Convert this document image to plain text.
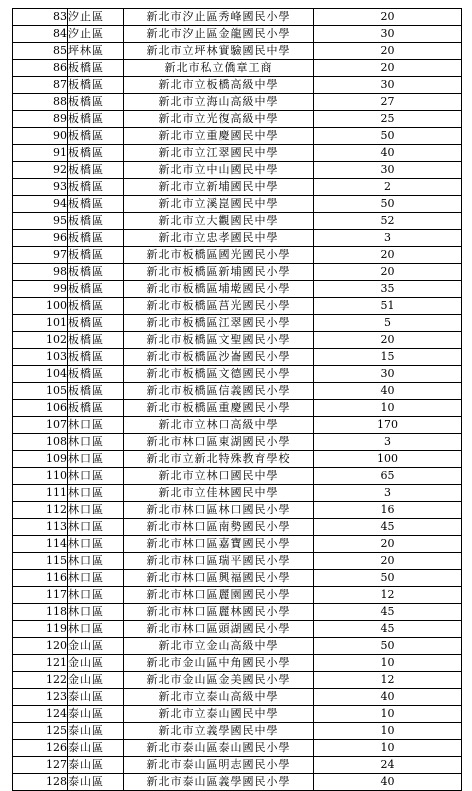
83	汐止區	新北市汐止區秀峰國民小學	20
84	汐止區	新北市汐止區金龍國民小學	30
85	坪林區	新北市立坪林實驗國民中學	20
86	板橋區	新北市私立僑章工商	20
87	板橋區	新北市立板橋高級中學	30
88	板橋區	新北市立海山高級中學	27
89	板橋區	新北市立光復高級中學	25
90	板橋區	新北市立重慶國民中學	50
91	板橋區	新北市立江翠國民中學	40
92	板橋區	新北市立中山國民中學	30
93	板橋區	新北市立新埔國民中學	2
94	板橋區	新北市立溪崑國民中學	50
95	板橋區	新北市立大觀國民中學	52
96	板橋區	新北市立忠孝國民中學	3
97	板橋區	新北市板橋區國光國民小學	20
98	板橋區	新北市板橋區新埔國民小學	20
99	板橋區	新北市板橋區埔墘國民小學	35
100	板橋區	新北市板橋區莒光國民小學	51
101	板橋區	新北市板橋區江翠國民小學	5
102	板橋區	新北市板橋區文聖國民小學	20
103	板橋區	新北市板橋區沙崙國民小學	15
104	板橋區	新北市板橋區文德國民小學	30
105	板橋區	新北市板橋區信義國民小學	40
106	板橋區	新北市板橋區重慶國民小學	10
107	林口區	新北市立林口高級中學	170
108	林口區	新北市林口區東湖國民小學	3
109	林口區	新北市立新北特殊教育學校	100
110	林口區	新北市立林口國民中學	65
111	林口區	新北市立佳林國民中學	3
112	林口區	新北市林口區林口國民小學	16
113	林口區	新北市林口區南勢國民小學	45
114	林口區	新北市林口區嘉寶國民小學	20
115	林口區	新北市林口區瑞平國民小學	20
116	林口區	新北市林口區興福國民小學	50
117	林口區	新北市林口區麗園國民小學	12
118	林口區	新北市林口區麗林國民小學	45
119	林口區	新北市林口區頭湖國民小學	45
120	金山區	新北市立金山高級中學	50
121	金山區	新北市金山區中角國民小學	10
122	金山區	新北市金山區金美國民小學	12
123	泰山區	新北市立泰山高級中學	40
124	泰山區	新北市立泰山國民中學	10
125	泰山區	新北市立義學國民中學	10
126	泰山區	新北市泰山區泰山國民小學	10
127	泰山區	新北市泰山區明志國民小學	24
128	泰山區	新北市泰山區義學國民小學	40
